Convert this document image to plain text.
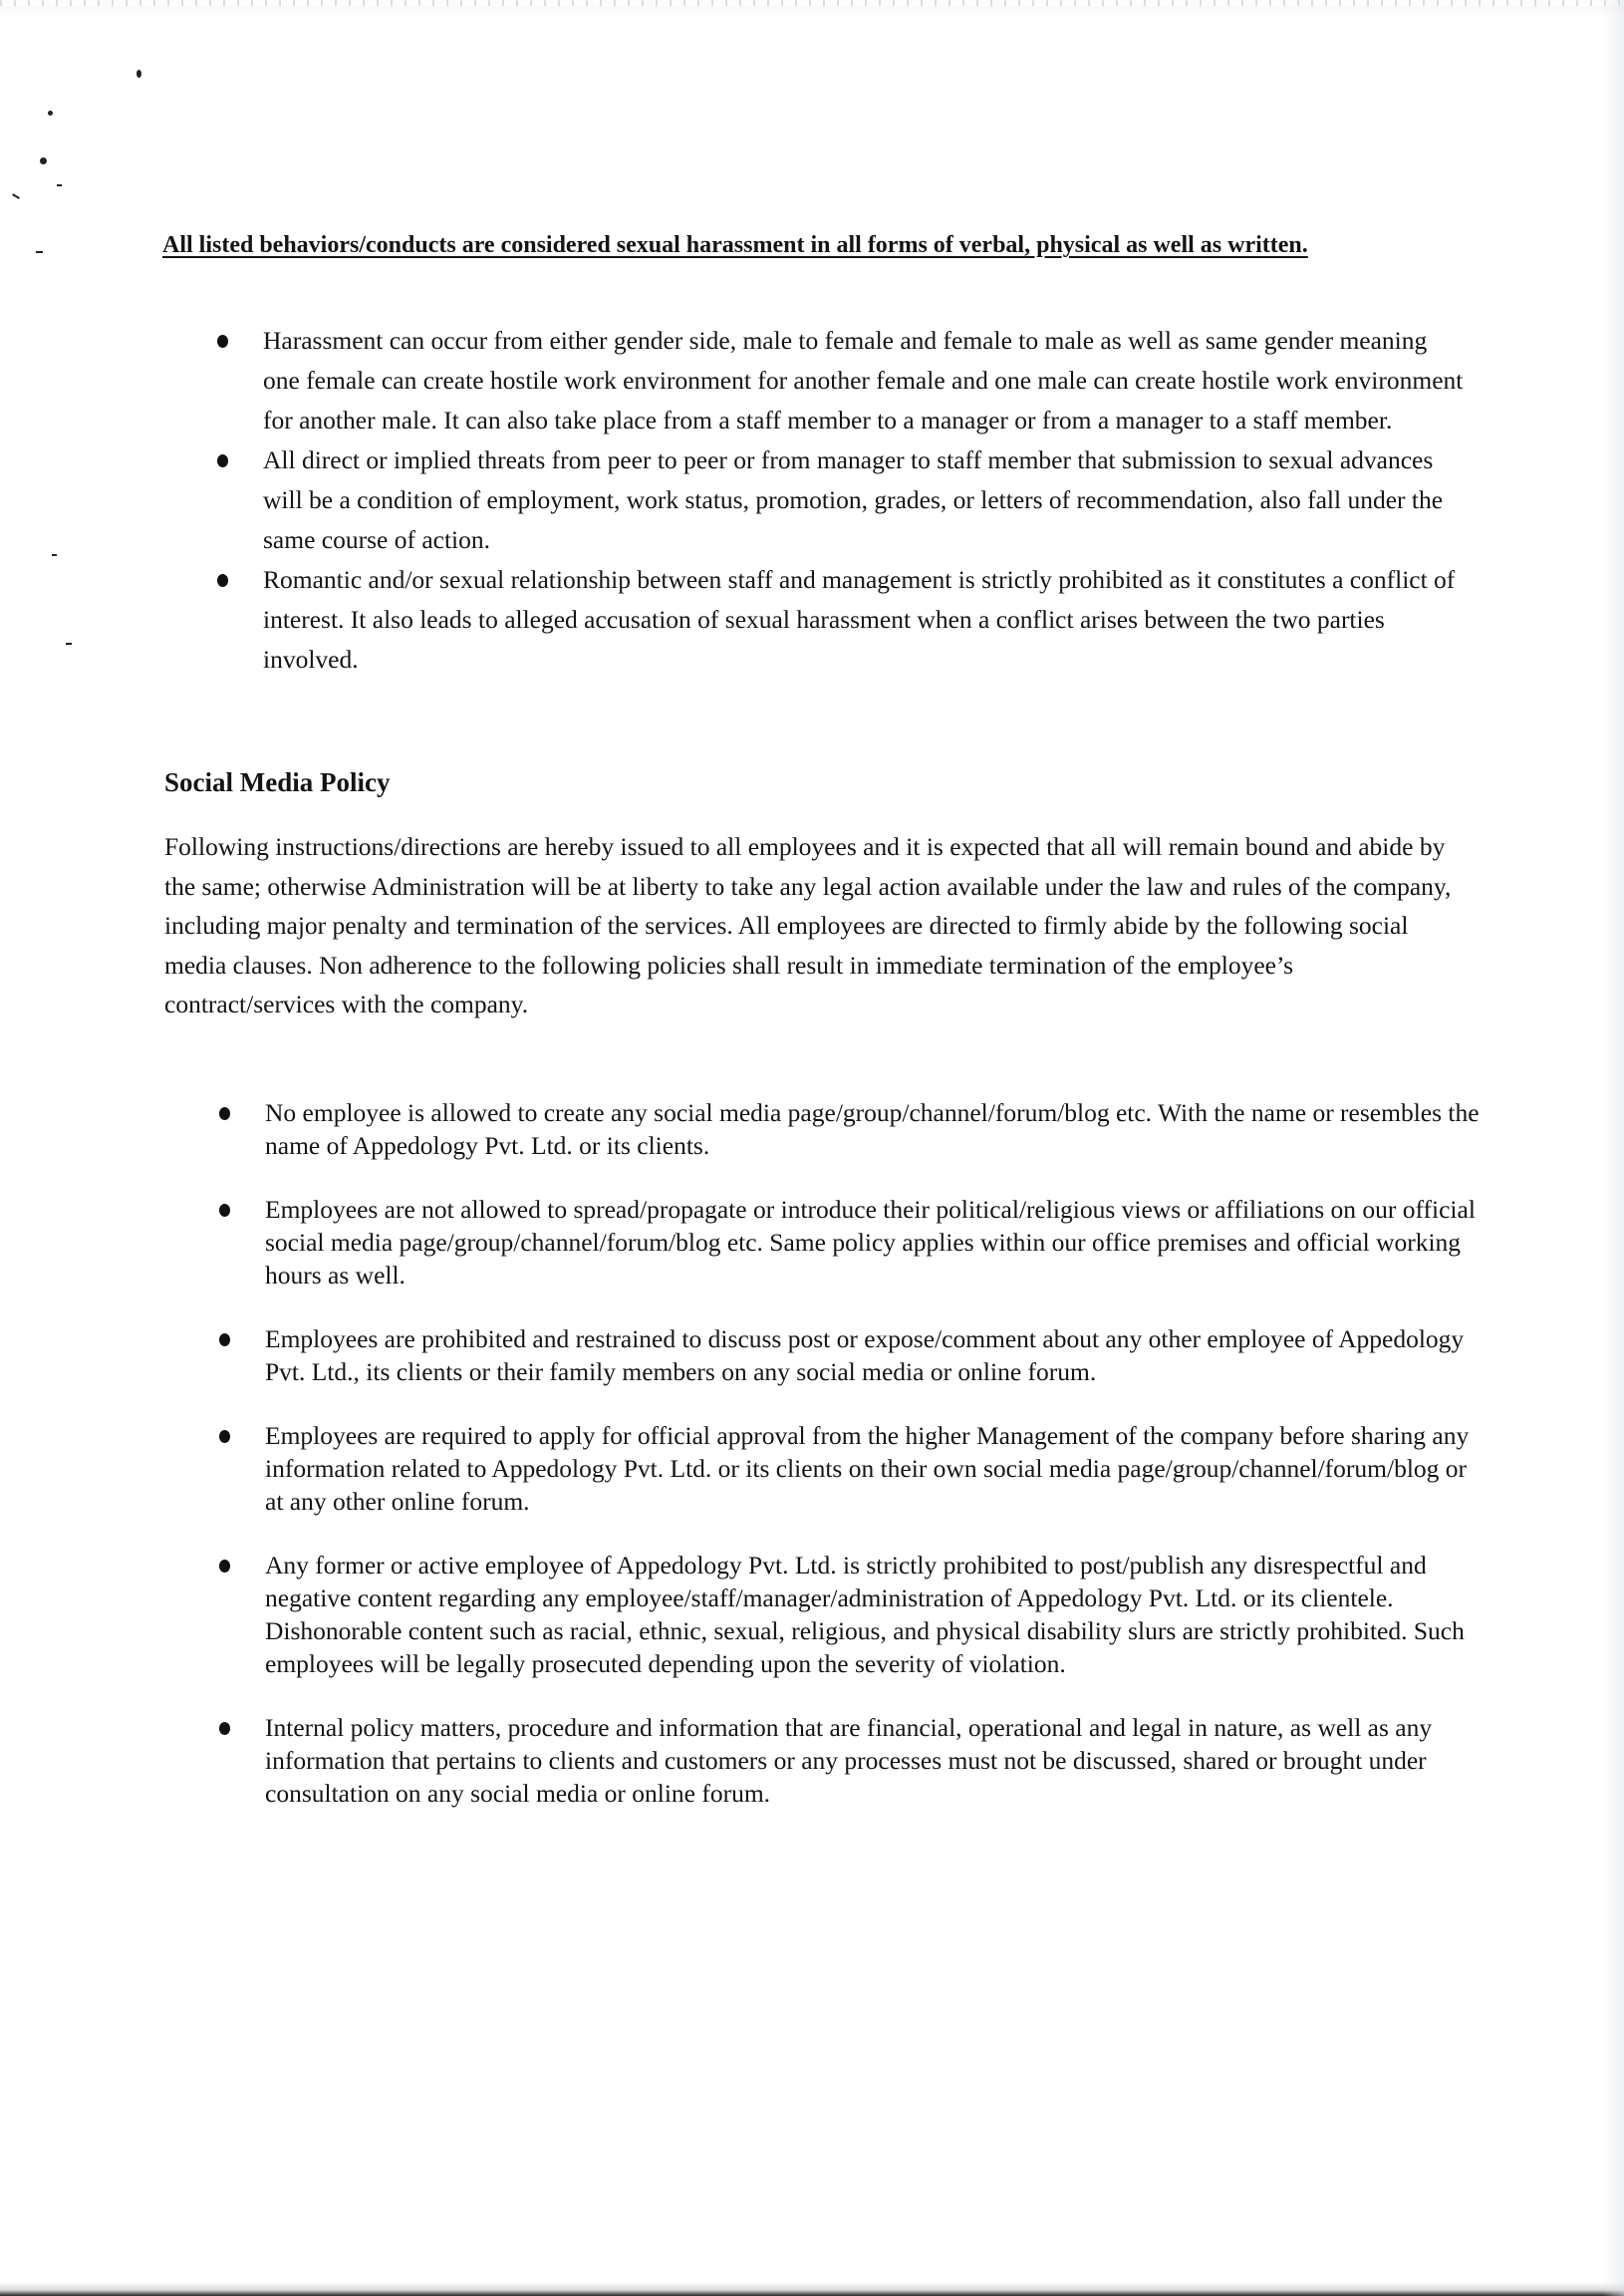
All listed behaviors/conducts are considered sexual harassment in all forms of verbal, physical as well as written.
Harassment can occur from either gender side, male to female and female to male as well as same gender meaning one female can create hostile work environment for another female and one male can create hostile work environment for another male. It can also take place from a staff member to a manager or from a manager to a staff member.
All direct or implied threats from peer to peer or from manager to staff member that submission to sexual advances will be a condition of employment, work status, promotion, grades, or letters of recommendation, also fall under the same course of action.
Romantic and/or sexual relationship between staff and management is strictly prohibited as it constitutes a conflict of interest. It also leads to alleged accusation of sexual harassment when a conflict arises between the two parties involved.
Social Media Policy
Following instructions/directions are hereby issued to all employees and it is expected that all will remain bound and abide by the same; otherwise Administration will be at liberty to take any legal action available under the law and rules of the company, including major penalty and termination of the services. All employees are directed to firmly abide by the following social media clauses. Non adherence to the following policies shall result in immediate termination of the employee’s contract/services with the company.
No employee is allowed to create any social media page/group/channel/forum/blog etc. With the name or resembles the name of Appedology Pvt. Ltd. or its clients.
Employees are not allowed to spread/propagate or introduce their political/religious views or affiliations on our official social media page/group/channel/forum/blog etc. Same policy applies within our office premises and official working hours as well.
Employees are prohibited and restrained to discuss post or expose/comment about any other employee of Appedology Pvt. Ltd., its clients or their family members on any social media or online forum.
Employees are required to apply for official approval from the higher Management of the company before sharing any information related to Appedology Pvt. Ltd. or its clients on their own social media page/group/channel/forum/blog or at any other online forum.
Any former or active employee of Appedology Pvt. Ltd. is strictly prohibited to post/publish any disrespectful and negative content regarding any employee/staff/manager/administration of Appedology Pvt. Ltd. or its clientele. Dishonorable content such as racial, ethnic, sexual, religious, and physical disability slurs are strictly prohibited. Such employees will be legally prosecuted depending upon the severity of violation.
Internal policy matters, procedure and information that are financial, operational and legal in nature, as well as any information that pertains to clients and customers or any processes must not be discussed, shared or brought under consultation on any social media or online forum.
